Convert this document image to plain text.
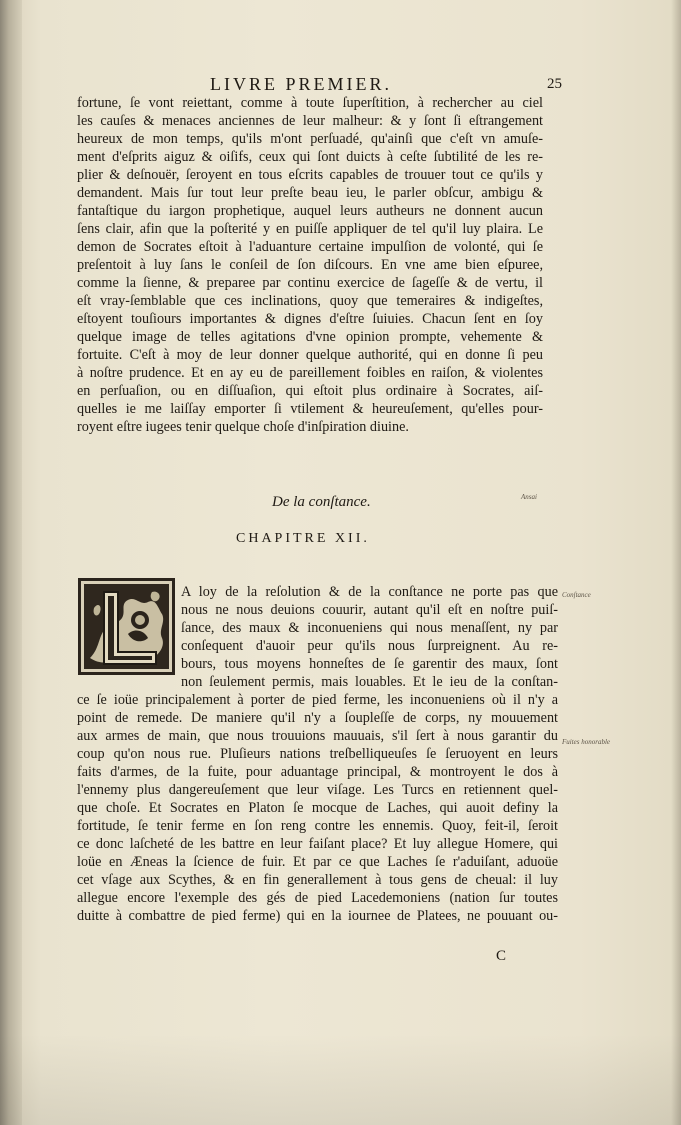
LIVRE PREMIER.	25
fortune, ſe vont reiettant, comme à toute ſuperſtition, à rechercher au ciel
les cauſes & menaces anciennes de leur malheur: & y ſont ſi eſtrangement
heureux de mon temps, qu'ils m'ont perſuadé, qu'ainſi que c'eſt vn amuſe-
ment d'eſprits aiguz & oiſifs, ceux qui ſont duicts à ceſte ſubtilité de les re-
plier & deſnouër, ſeroyent en tous eſcrits capables de trouuer tout ce qu'ils y
demandent. Mais ſur tout leur preſte beau ieu, le parler obſcur, ambigu &
fantaſtique du iargon prophetique, auquel leurs autheurs ne donnent aucun
ſens clair, afin que la poſterité y en puiſſe appliquer de tel qu'il luy plaira. Le
demon de Socrates eſtoit à l'aduanture certaine impulſion de volonté, qui ſe
preſentoit à luy ſans le conſeil de ſon diſcours. En vne ame bien eſpuree,
comme la ſienne, & preparee par continu exercice de ſageſſe & de vertu, il
eſt vray-ſemblable que ces inclinations, quoy que temeraires & indigeſtes,
eſtoyent touſiours importantes & dignes d'eſtre ſuiuies. Chacun ſent en ſoy
quelque image de telles agitations d'vne opinion prompte, vehemente &
fortuite. C'eſt à moy de leur donner quelque authorité, qui en donne ſi peu
à noſtre prudence. Et en ay eu de pareillement foibles en raiſon, & violentes
en perſuaſion, ou en diſſuaſion, qui eſtoit plus ordinaire à Socrates, aiſ-
quelles ie me laiſſay emporter ſi vtilement & heureuſement, qu'elles pour-
royent eſtre iugees tenir quelque choſe d'inſpiration diuine.
Ansai
De la conſtance.
CHAPITRE XII.
A loy de la reſolution & de la conſtance ne porte pas que
nous ne nous deuions couurir, autant qu'il eſt en noſtre puiſ-
ſance, des maux & inconueniens qui nous menaſſent, ny par
conſequent d'auoir peur qu'ils nous ſurpreignent. Au re-
bours, tous moyens honneſtes de ſe garentir des maux, ſont
non ſeulement permis, mais louables. Et le ieu de la conſtan-
ce ſe ioüe principalement à porter de pied ferme, les inconueniens où il n'y a
point de remede. De maniere qu'il n'y a ſoupleſſe de corps, ny mouuement
aux armes de main, que nous trouuions mauuais, s'il ſert à nous garantir du
coup qu'on nous rue. Pluſieurs nations treſbelliqueuſes ſe ſeruoyent en leurs
faits d'armes, de la fuite, pour aduantage principal, & montroyent le dos à
l'ennemy plus dangereuſement que leur viſage. Les Turcs en retiennent quel-
que choſe. Et Socrates en Platon ſe mocque de Laches, qui auoit definy la
fortitude, ſe tenir ferme en ſon reng contre les ennemis. Quoy, feit-il, ſeroit
ce donc laſcheté de les battre en leur faiſant place? Et luy allegue Homere, qui
loüe en Æneas la ſcience de fuir. Et par ce que Laches ſe r'aduiſant, aduoüe
cet vſage aux Scythes, & en fin generallement à tous gens de cheual: il luy
allegue encore l'exemple des gés de pied Lacedemoniens (nation ſur toutes
duitte à combattre de pied ferme) qui en la iournee de Platees, ne pouuant ou-
Conſtance
Fuites honorable
C
